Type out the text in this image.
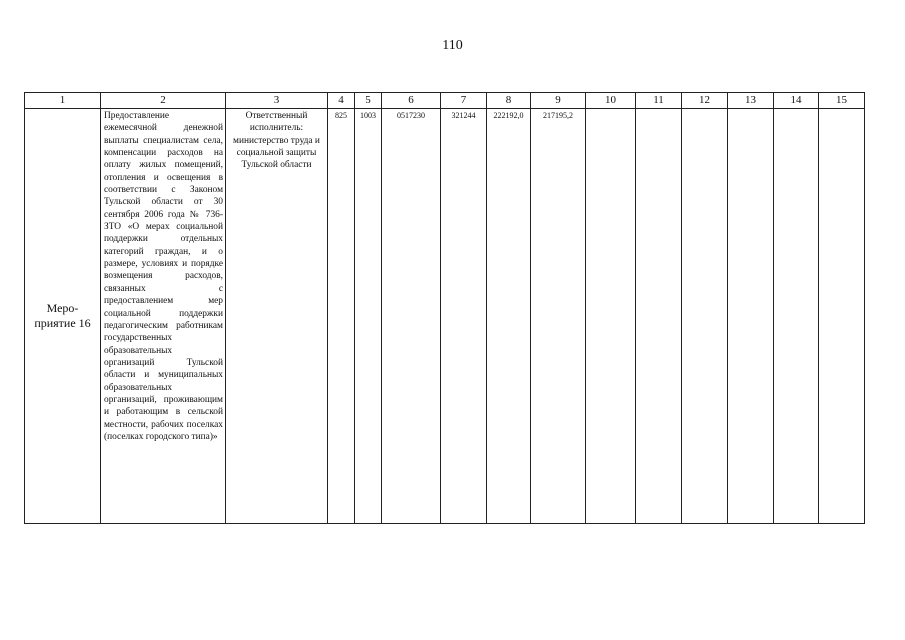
110
1	2	3	4	5	6	7	8	9	10	11	12	13	14	15

Меро-
приятие 16	Предоставление ежемесячной денежной выплаты специалистам села, компенсации расходов на оплату жилых помещений, отопления и освещения в соответствии с Законом Тульской области от 30 сентября 2006 года № 736-ЗТО «О мерах социальной поддержки отдельных категорий граждан, и о размере, условиях и порядке возмещения расходов, связанных с предоставлением мер социальной поддержки педагогическим работникам государственных образовательных организаций Тульской области и муниципальных образовательных организаций, проживающим и работающим в сельской местности, рабочих поселках (поселках городского типа)»	Ответственный исполнитель: министерство труда и социальной защиты Тульской области	825	1003	0517230	321244	222192,0	217195,2						
